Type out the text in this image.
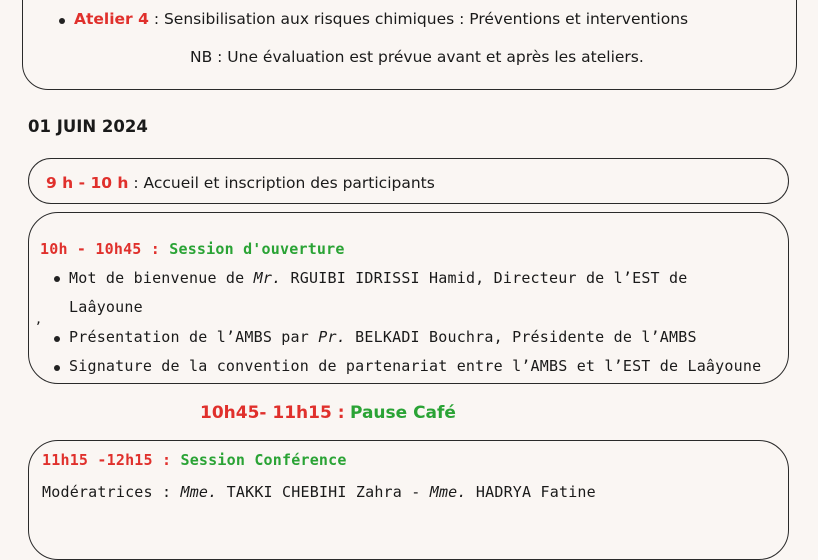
Atelier 4 : Sensibilisation aux risques chimiques : Préventions et interventions
NB : Une évaluation est prévue avant et après les ateliers.
01 JUIN 2024
9 h - 10 h : Accueil et inscription des participants
10h - 10h45 : Session d'ouverture
Mot de bienvenue de Mr. RGUIBI IDRISSI Hamid, Directeur de l’EST de
Laâyoune
,
Présentation de l’AMBS par Pr. BELKADI Bouchra, Présidente de l’AMBS
Signature de la convention de partenariat entre l’AMBS et l’EST de Laâyoune
10h45- 11h15 : Pause Café
11h15 -12h15 : Session Conférence
Modératrices : Mme. TAKKI CHEBIHI Zahra - Mme. HADRYA Fatine
